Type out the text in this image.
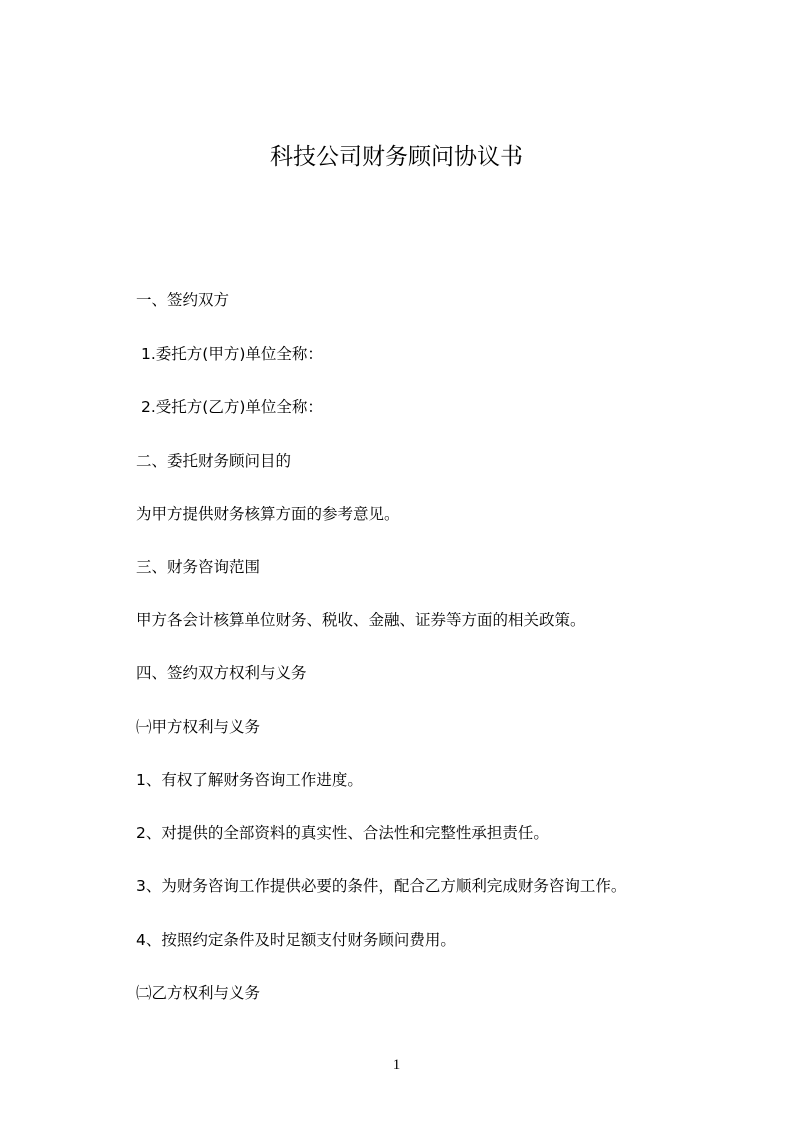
科技公司财务顾问协议书
一、签约双方
1.委托方(甲方)单位全称：
2.受托方(乙方)单位全称：
二、委托财务顾问目的
为甲方提供财务核算方面的参考意见。
三、财务咨询范围
甲方各会计核算单位财务、税收、金融、证券等方面的相关政策。
四、签约双方权利与义务
㈠甲方权利与义务
1、有权了解财务咨询工作进度。
2、对提供的全部资料的真实性、合法性和完整性承担责任。
3、为财务咨询工作提供必要的条件，配合乙方顺利完成财务咨询工作。
4、按照约定条件及时足额支付财务顾问费用。
㈡乙方权利与义务
1
